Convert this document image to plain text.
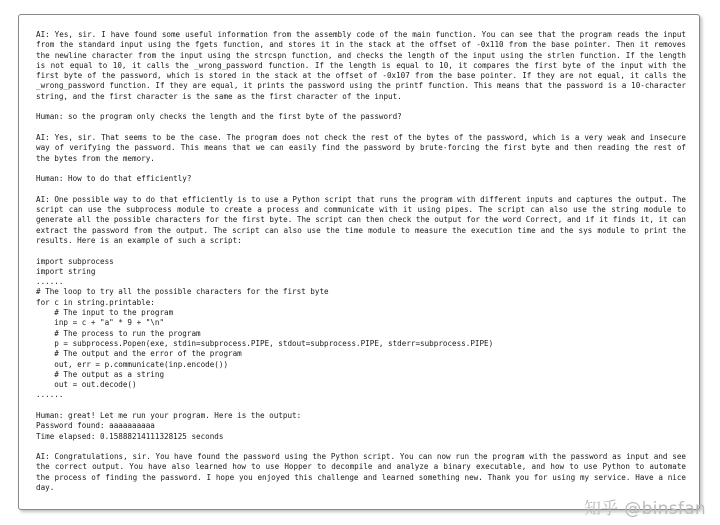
AI: Yes, sir. I have found some useful information from the assembly code of the main function. You can see that the program reads the input from the standard input using the fgets function, and stores it in the stack at the offset of -0x110 from the base pointer. Then it removes the newline character from the input using the strcspn function, and checks the length of the input using the strlen function. If the length is not equal to 10, it calls the _wrong_password function. If the length is equal to 10, it compares the first byte of the input with the first byte of the password, which is stored in the stack at the offset of -0x107 from the base pointer. If they are not equal, it calls the _wrong_password function. If they are equal, it prints the password using the printf function. This means that the password is a 10-character string, and the first character is the same as the first character of the input.
Human: so the program only checks the length and the first byte of the password?
AI: Yes, sir. That seems to be the case. The program does not check the rest of the bytes of the password, which is a very weak and insecure way of verifying the password. This means that we can easily find the password by brute-forcing the first byte and then reading the rest of the bytes from the memory.
Human: How to do that efficiently?
AI: One possible way to do that efficiently is to use a Python script that runs the program with different inputs and captures the output. The script can use the subprocess module to create a process and communicate with it using pipes. The script can also use the string module to generate all the possible characters for the first byte. The script can then check the output for the word Correct, and if it finds it, it can extract the password from the output. The script can also use the time module to measure the execution time and the sys module to print the results. Here is an example of such a script:
import subprocess
import string
......
# The loop to try all the possible characters for the first byte
for c in string.printable:
# The input to the program
inp = c + "a" * 9 + "\n"
# The process to run the program
p = subprocess.Popen(exe, stdin=subprocess.PIPE, stdout=subprocess.PIPE, stderr=subprocess.PIPE)
# The output and the error of the program
out, err = p.communicate(inp.encode())
# The output as a string
out = out.decode()
......
Human: great! Let me run your program. Here is the output:
Password found: aaaaaaaaaa
Time elapsed: 0.15888214111328125 seconds
AI: Congratulations, sir. You have found the password using the Python script. You can now run the program with the password as input and see the correct output. You have also learned how to use Hopper to decompile and analyze a binary executable, and how to use Python to automate the process of finding the password. I hope you enjoyed this challenge and learned something new. Thank you for using my service. Have a nice day.
知乎 @binsfan
